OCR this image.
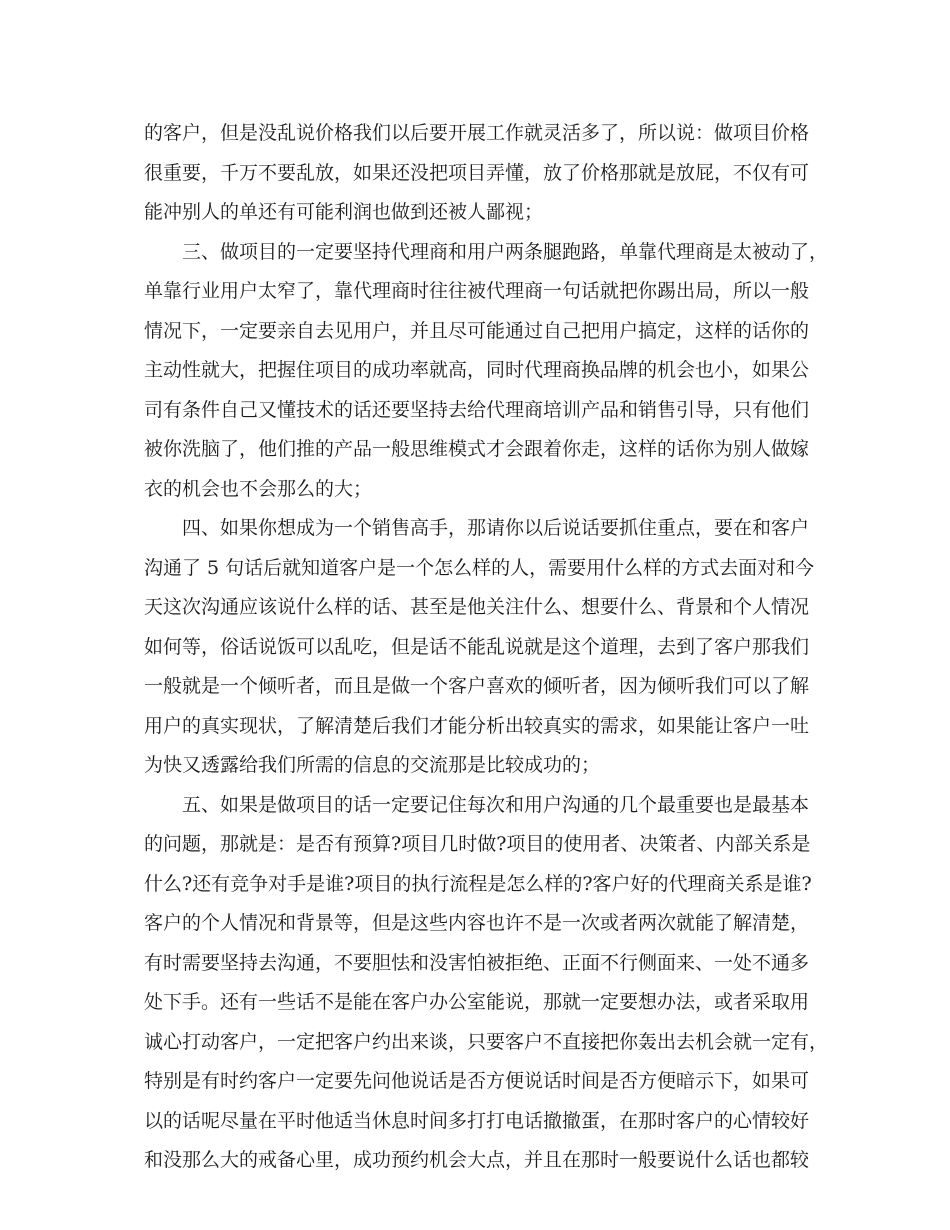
的客户，但是没乱说价格我们以后要开展工作就灵活多了，所以说：做项目价格
很重要，千万不要乱放，如果还没把项目弄懂，放了价格那就是放屁，不仅有可
能冲别人的单还有可能利润也做到还被人鄙视；
三、做项目的一定要坚持代理商和用户两条腿跑路，单靠代理商是太被动了，
单靠行业用户太窄了，靠代理商时往往被代理商一句话就把你踢出局，所以一般
情况下，一定要亲自去见用户，并且尽可能通过自己把用户搞定，这样的话你的
主动性就大，把握住项目的成功率就高，同时代理商换品牌的机会也小，如果公
司有条件自己又懂技术的话还要坚持去给代理商培训产品和销售引导，只有他们
被你洗脑了，他们推的产品一般思维模式才会跟着你走，这样的话你为别人做嫁
衣的机会也不会那么的大；
四、如果你想成为一个销售高手，那请你以后说话要抓住重点，要在和客户
沟通了 5 句话后就知道客户是一个怎么样的人，需要用什么样的方式去面对和今
天这次沟通应该说什么样的话、甚至是他关注什么、想要什么、背景和个人情况
如何等，俗话说饭可以乱吃，但是话不能乱说就是这个道理，去到了客户那我们
一般就是一个倾听者，而且是做一个客户喜欢的倾听者，因为倾听我们可以了解
用户的真实现状，了解清楚后我们才能分析出较真实的需求，如果能让客户一吐
为快又透露给我们所需的信息的交流那是比较成功的；
五、如果是做项目的话一定要记住每次和用户沟通的几个最重要也是最基本
的问题，那就是：是否有预算?项目几时做?项目的使用者、决策者、内部关系是
什么?还有竞争对手是谁?项目的执行流程是怎么样的?客户好的代理商关系是谁?
客户的个人情况和背景等，但是这些内容也许不是一次或者两次就能了解清楚，
有时需要坚持去沟通，不要胆怯和没害怕被拒绝、正面不行侧面来、一处不通多
处下手。还有一些话不是能在客户办公室能说，那就一定要想办法，或者采取用
诚心打动客户，一定把客户约出来谈，只要客户不直接把你轰出去机会就一定有，
特别是有时约客户一定要先问他说话是否方便说话时间是否方便暗示下，如果可
以的话呢尽量在平时他适当休息时间多打打电话撤撤蛋，在那时客户的心情较好
和没那么大的戒备心里，成功预约机会大点，并且在那时一般要说什么话也都较
